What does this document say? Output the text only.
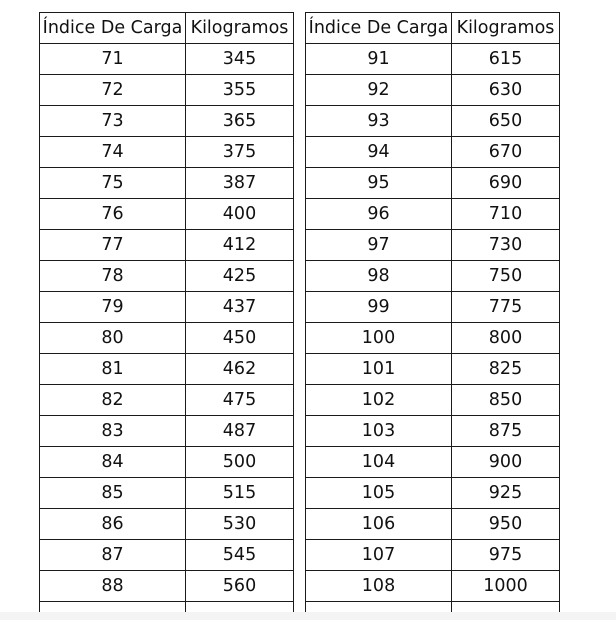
Índice De Carga	Kilogramos
71	345
72	355
73	365
74	375
75	387
76	400
77	412
78	425
79	437
80	450
81	462
82	475
83	487
84	500
85	515
86	530
87	545
88	560

Índice De Carga	Kilogramos
91	615
92	630
93	650
94	670
95	690
96	710
97	730
98	750
99	775
100	800
101	825
102	850
103	875
104	900
105	925
106	950
107	975
108	1000
